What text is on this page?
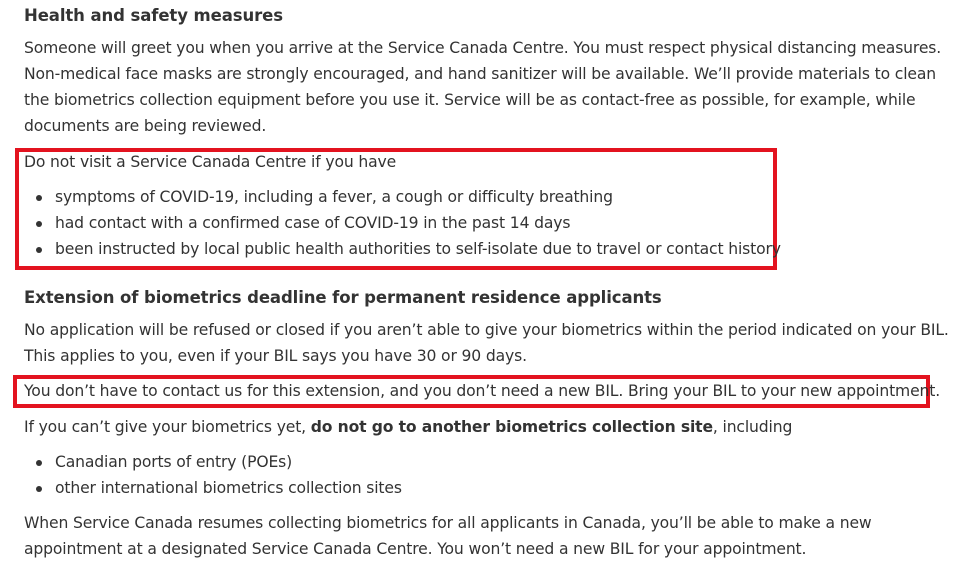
Health and safety measures

Someone will greet you when you arrive at the Service Canada Centre. You must respect physical distancing measures.
Non-medical face masks are strongly encouraged, and hand sanitizer will be available. We’ll provide materials to clean
the biometrics collection equipment before you use it. Service will be as contact-free as possible, for example, while
documents are being reviewed.

Do not visit a Service Canada Centre if you have

symptoms of COVID-19, including a fever, a cough or difficulty breathing
had contact with a confirmed case of COVID-19 in the past 14 days
been instructed by local public health authorities to self-isolate due to travel or contact history
Extension of biometrics deadline for permanent residence applicants

No application will be refused or closed if you aren’t able to give your biometrics within the period indicated on your BIL.
This applies to you, even if your BIL says you have 30 or 90 days.

You don’t have to contact us for this extension, and you don’t need a new BIL. Bring your BIL to your new appointment.

If you can’t give your biometrics yet, do not go to another biometrics collection site, including

Canadian ports of entry (POEs)
other international biometrics collection sites

When Service Canada resumes collecting biometrics for all applicants in Canada, you’ll be able to make a new
appointment at a designated Service Canada Centre. You won’t need a new BIL for your appointment.
